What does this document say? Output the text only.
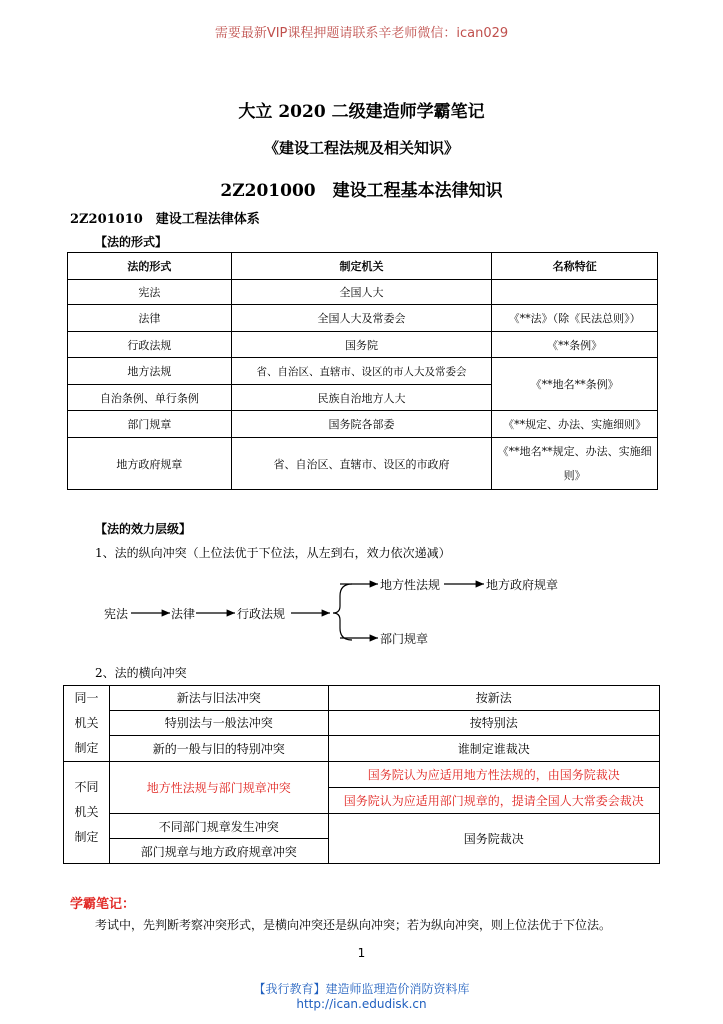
需要最新VIP课程押题请联系辛老师微信：ican029
大立 2020 二级建造师学霸笔记
《建设工程法规及相关知识》
2Z201000　建设工程基本法律知识
2Z201010　建设工程法律体系
【法的形式】
法的形式	制定机关	名称特征
宪法	全国人大	
法律	全国人大及常委会	《**法》（除《民法总则》）
行政法规	国务院	《**条例》
地方法规	省、自治区、直辖市、设区的市人大及常委会	《**地名**条例》
自治条例、单行条例	民族自治地方人大	
部门规章	国务院各部委	《**规定、办法、实施细则》
地方政府规章	省、自治区、直辖市、设区的市政府	《**地名**规定、办法、实施细则》
【法的效力层级】
1、法的纵向冲突（上位法优于下位法，从左到右，效力依次递减）
宪法	法律	行政法规
地方性法规	地方政府规章
部门规章
2、法的横向冲突
同一
机关
制定	新法与旧法冲突	按新法
	特别法与一般法冲突	按特别法
	新的一般与旧的特别冲突	谁制定谁裁决

不同
机关
制定	地方性法规与部门规章冲突	国务院认为应适用地方性法规的，由国务院裁决
		国务院认为应适用部门规章的，提请全国人大常委会裁决
	不同部门规章发生冲突	国务院裁决
	部门规章与地方政府规章冲突	
学霸笔记：
考试中，先判断考察冲突形式，是横向冲突还是纵向冲突；若为纵向冲突，则上位法优于下位法。
1
【我行教育】建造师监理造价消防资料库
http://ican.edudisk.cn
